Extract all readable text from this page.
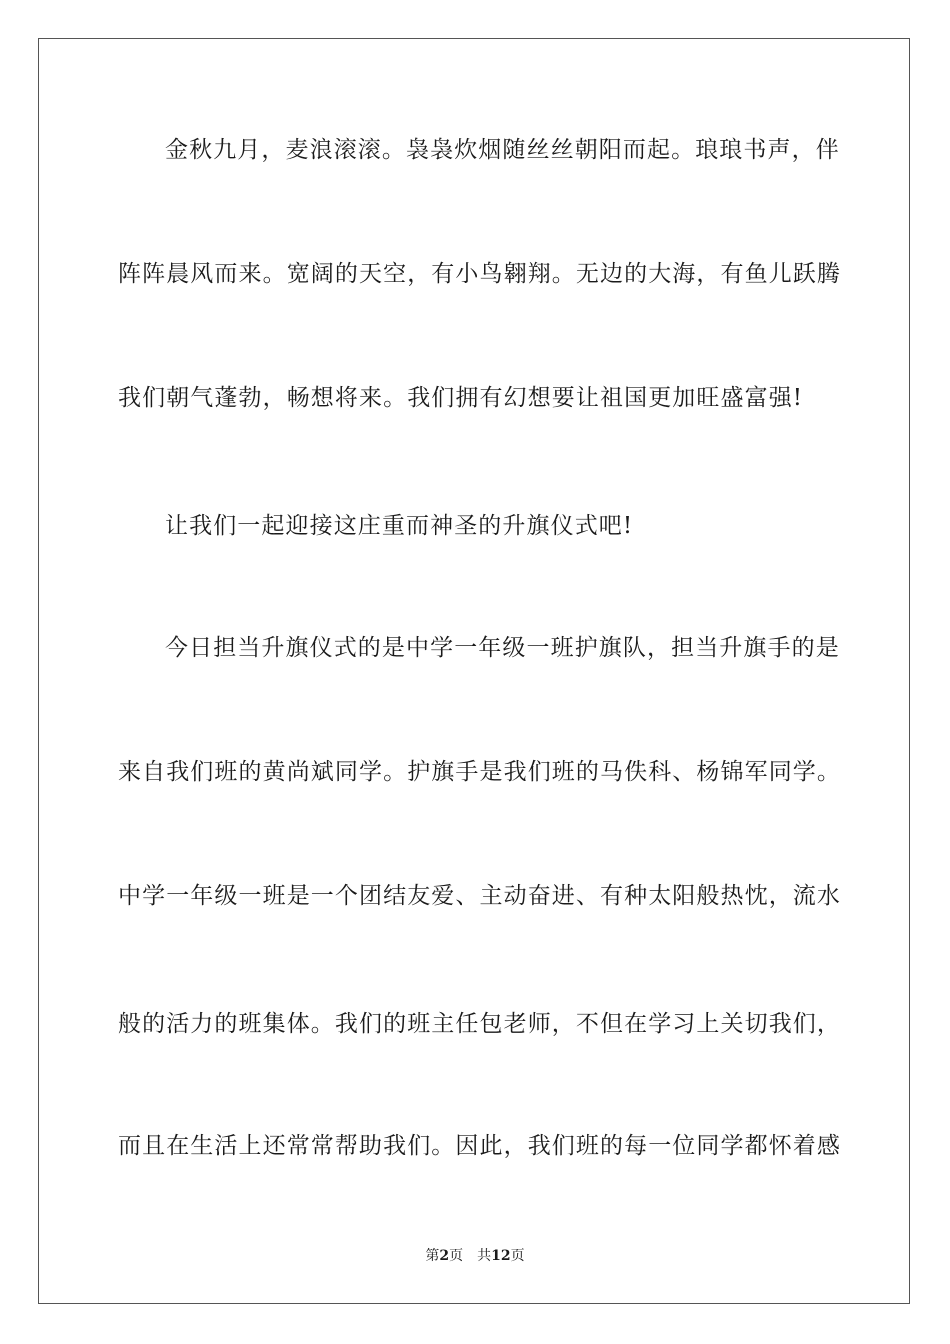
金秋九月，麦浪滚滚。袅袅炊烟随丝丝朝阳而起。琅琅书声，伴
阵阵晨风而来。宽阔的天空，有小鸟翱翔。无边的大海，有鱼儿跃腾
我们朝气蓬勃，畅想将来。我们拥有幻想要让祖国更加旺盛富强!
让我们一起迎接这庄重而神圣的升旗仪式吧!
今日担当升旗仪式的是中学一年级一班护旗队，担当升旗手的是
来自我们班的黄尚斌同学。护旗手是我们班的马佚科、杨锦军同学。
中学一年级一班是一个团结友爱、主动奋进、有种太阳般热忱，流水
般的活力的班集体。我们的班主任包老师，不但在学习上关切我们，
而且在生活上还常常帮助我们。因此，我们班的每一位同学都怀着感
第2页 共12页
